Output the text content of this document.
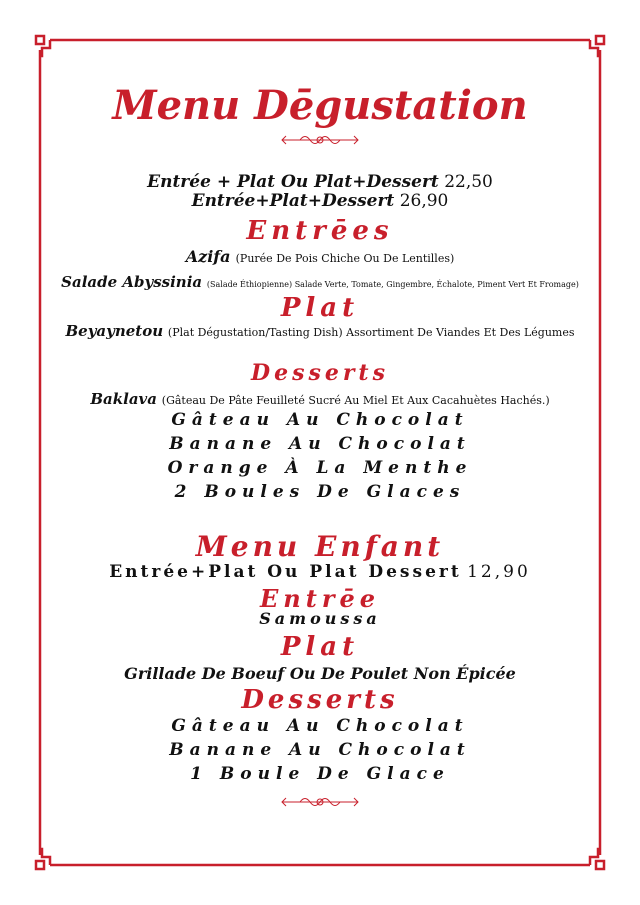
Menu Dēgustation
Entrée + Plat Ou Plat+Dessert 22,50
Entrée+Plat+Dessert 26,90
Entrēes
Azifa (Purée De Pois Chiche Ou De Lentilles)
Salade Abyssinia (Salade Éthiopienne) Salade Verte, Tomate, Gingembre, Échalote, Piment Vert Et Fromage)
Plat
Beyaynetou (Plat Dégustation/Tasting Dish) Assortiment De Viandes Et Des Légumes
Desserts
Baklava (Gâteau De Pâte Feuilleté Sucré Au Miel Et Aux Cacahuètes Hachés.)
Gâteau Au Chocolat
Banane Au Chocolat
Orange À La Menthe
2 Boules De Glaces
Menu Enfant
Entrée+Plat Ou Plat Dessert 12,90
Entrēe
Samoussa
Plat
Grillade De Boeuf Ou De Poulet Non Épicée
Desserts
Gâteau Au Chocolat
Banane Au Chocolat
1 Boule De Glace
